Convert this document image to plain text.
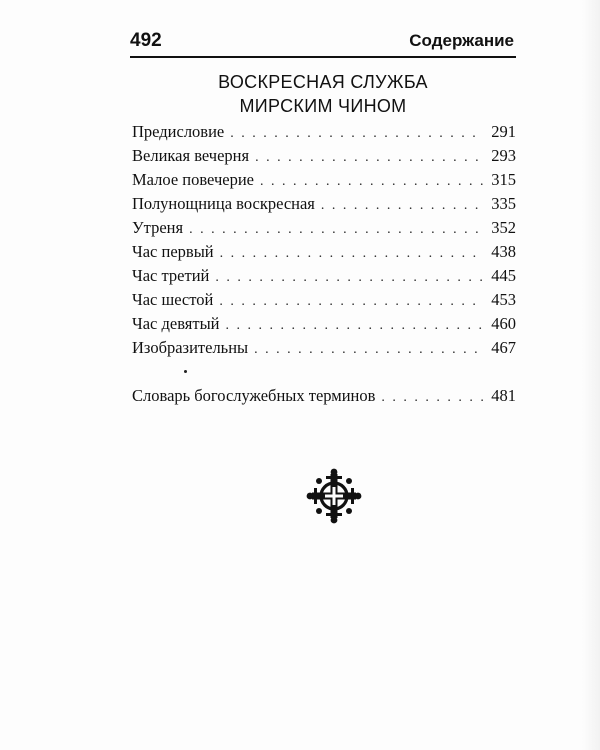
492	Содержание
ВОСКРЕСНАЯ СЛУЖБА
МИРСКИМ ЧИНОМ
Предисловие . . .	291
Великая вечерня . . .	293
Малое повечерие . . .	315
Полунощница воскресная . . .	335
Утреня . . .	352
Час первый . . .	438
Час третий . . .	445
Час шестой . . .	453
Час девятый . . .	460
Изобразительны . . .	467
Словарь богослужебных терминов . . .	481
